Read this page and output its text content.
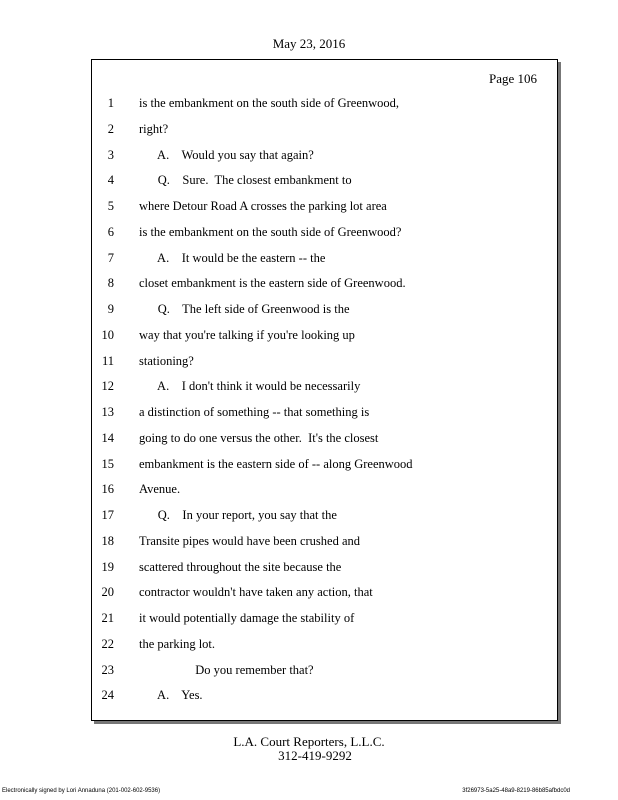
May 23, 2016
Page 106
1 is the embankment on the south side of Greenwood,
2 right?
3 A.    Would you say that again?
4 Q.    Sure.  The closest embankment to
5 where Detour Road A crosses the parking lot area
6 is the embankment on the south side of Greenwood?
7 A.    It would be the eastern -- the
8 closet embankment is the eastern side of Greenwood.
9 Q.    The left side of Greenwood is the
10 way that you're talking if you're looking up
11 stationing?
12 A.    I don't think it would be necessarily
13 a distinction of something -- that something is
14 going to do one versus the other.  It's the closest
15 embankment is the eastern side of -- along Greenwood
16 Avenue.
17 Q.    In your report, you say that the
18 Transite pipes would have been crushed and
19 scattered throughout the site because the
20 contractor wouldn't have taken any action, that
21 it would potentially damage the stability of
22 the parking lot.
23 Do you remember that?
24 A.    Yes.
L.A. Court Reporters, L.L.C.
312-419-9292
Electronically signed by Lori Annaduna (201-002-602-9536)	3f26973-5a25-48a9-8219-86b85afbdc0d
